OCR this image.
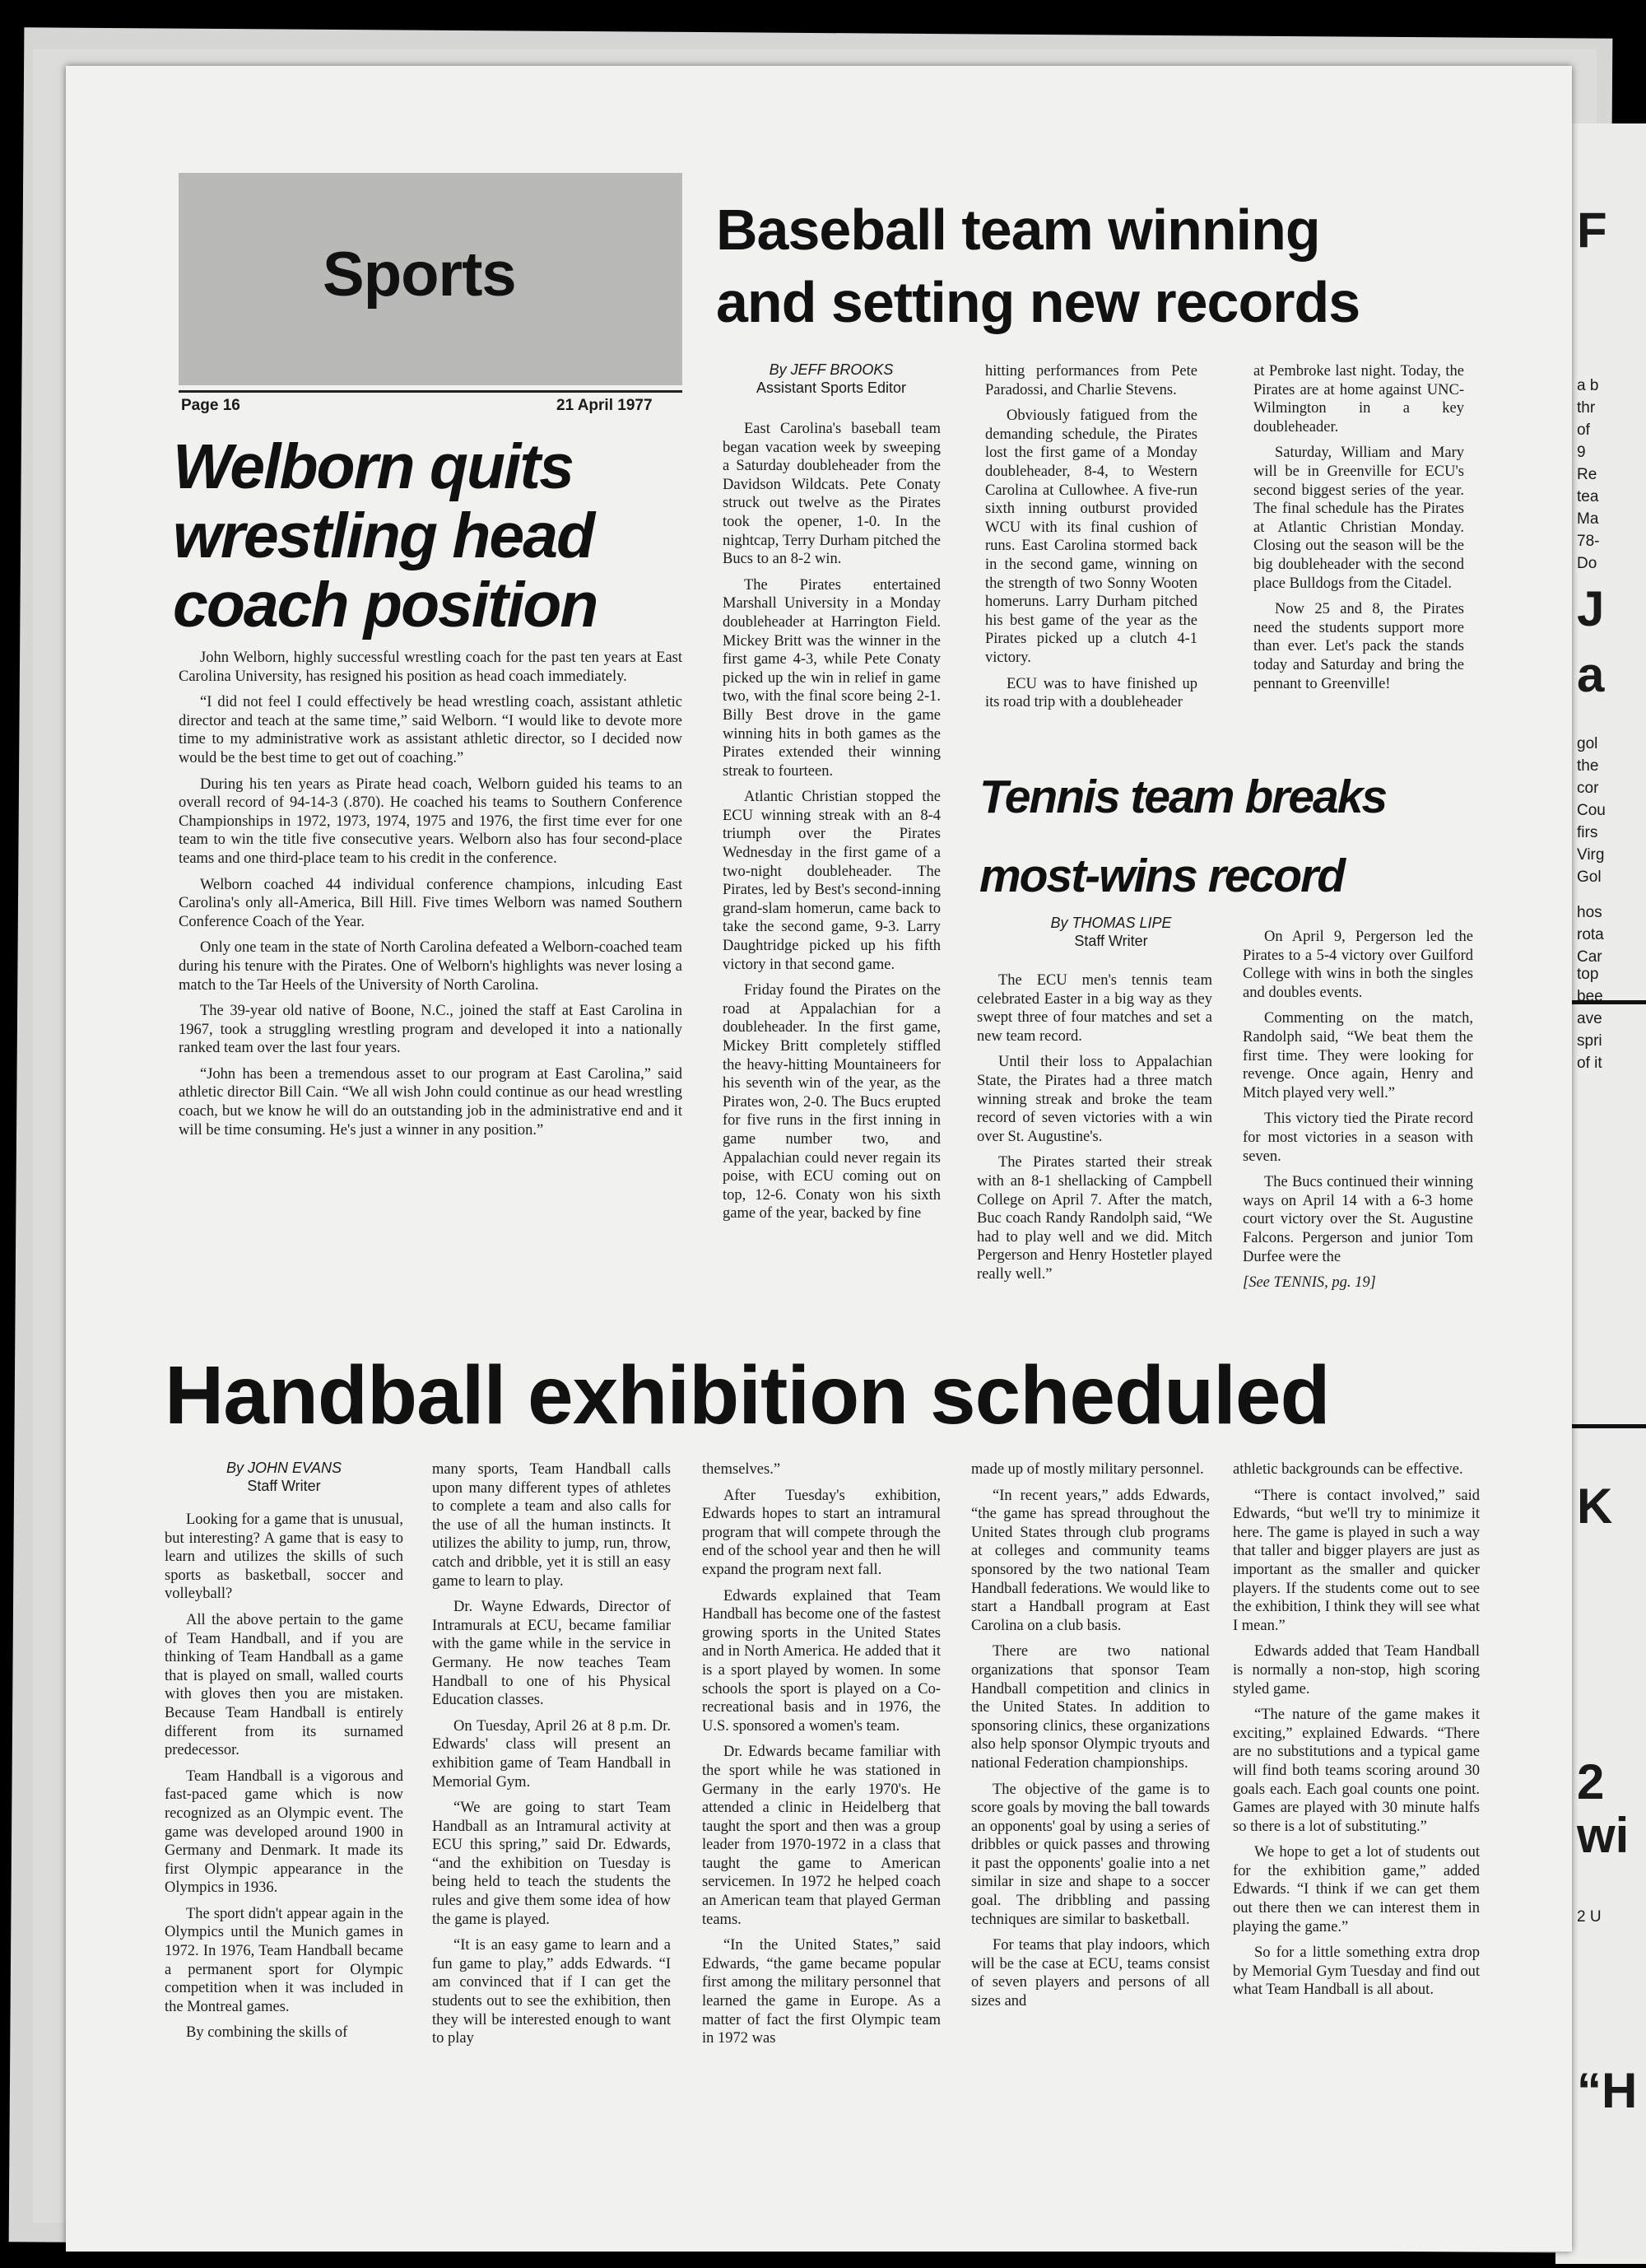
F
a b
thr
of
9
Re
tea
Ma
78-
Do
J
a
gol
the
cor
Cou
firs
Virg
Gol
hos
rota
Car
top
bee
ave
spri
of it
K
2
wi
2 U
“H
Sports
Page 16	21 April 1977
Welborn quits
wrestling head
coach position

John Welborn, highly successful wrestling coach for the past ten years at East Carolina University, has resigned his position as head coach immediately.

“I did not feel I could effectively be head wrestling coach, assistant athletic director and teach at the same time,” said Welborn. “I would like to devote more time to my administrative work as assistant athletic director, so I decided now would be the best time to get out of coaching.”

During his ten years as Pirate head coach, Welborn guided his teams to an overall record of 94-14-3 (.870). He coached his teams to Southern Conference Championships in 1972, 1973, 1974, 1975 and 1976, the first time ever for one team to win the title five consecutive years. Welborn also has four second-place teams and one third-place team to his credit in the conference.

Welborn coached 44 individual conference champions, inlcuding East Carolina's only all-America, Bill Hill. Five times Welborn was named Southern Conference Coach of the Year.

Only one team in the state of North Carolina defeated a Welborn-coached team during his tenure with the Pirates. One of Welborn's highlights was never losing a match to the Tar Heels of the University of North Carolina.

The 39-year old native of Boone, N.C., joined the staff at East Carolina in 1967, took a struggling wrestling program and developed it into a nationally ranked team over the last four years.

“John has been a tremendous asset to our program at East Carolina,” said athletic director Bill Cain. “We all wish John could continue as our head wrestling coach, but we know he will do an outstanding job in the administrative end and it will be time consuming. He's just a winner in any position.”

Baseball team winning
and setting new records
By JEFF BROOKS
Assistant Sports Editor

East Carolina's baseball team began vacation week by sweeping a Saturday doubleheader from the Davidson Wildcats. Pete Conaty struck out twelve as the Pirates took the opener, 1-0. In the nightcap, Terry Durham pitched the Bucs to an 8-2 win.

The Pirates entertained Marshall University in a Monday doubleheader at Harrington Field. Mickey Britt was the winner in the first game 4-3, while Pete Conaty picked up the win in relief in game two, with the final score being 2-1. Billy Best drove in the game winning hits in both games as the Pirates extended their winning streak to fourteen.

Atlantic Christian stopped the ECU winning streak with an 8-4 triumph over the Pirates Wednesday in the first game of a two-night doubleheader. The Pirates, led by Best's second-inning grand-slam homerun, came back to take the second game, 9-3. Larry Daughtridge picked up his fifth victory in that second game.

Friday found the Pirates on the road at Appalachian for a doubleheader. In the first game, Mickey Britt completely stiffled the heavy-hitting Mountaineers for his seventh win of the year, as the Pirates won, 2-0. The Bucs erupted for five runs in the first inning in game number two, and Appalachian could never regain its poise, with ECU coming out on top, 12-6. Conaty won his sixth game of the year, backed by fine

hitting performances from Pete Paradossi, and Charlie Stevens.

Obviously fatigued from the demanding schedule, the Pirates lost the first game of a Monday doubleheader, 8-4, to Western Carolina at Cullowhee. A five-run sixth inning outburst provided WCU with its final cushion of runs. East Carolina stormed back in the second game, winning on the strength of two Sonny Wooten homeruns. Larry Durham pitched his best game of the year as the Pirates picked up a clutch 4-1 victory.

ECU was to have finished up its road trip with a doubleheader

at Pembroke last night. Today, the Pirates are at home against UNC-Wilmington in a key doubleheader.

Saturday, William and Mary will be in Greenville for ECU's second biggest series of the year. The final schedule has the Pirates at Atlantic Christian Monday. Closing out the season will be the big doubleheader with the second place Bulldogs from the Citadel.

Now 25 and 8, the Pirates need the students support more than ever. Let's pack the stands today and Saturday and bring the pennant to Greenville!

Tennis team breaks
most-wins record
By THOMAS LIPE
Staff Writer

The ECU men's tennis team celebrated Easter in a big way as they swept three of four matches and set a new team record.

Until their loss to Appalachian State, the Pirates had a three match winning streak and broke the team record of seven victories with a win over St. Augustine's.

The Pirates started their streak with an 8-1 shellacking of Campbell College on April 7. After the match, Buc coach Randy Randolph said, “We had to play well and we did. Mitch Pergerson and Henry Hostetler played really well.”

On April 9, Pergerson led the Pirates to a 5-4 victory over Guilford College with wins in both the singles and doubles events.

Commenting on the match, Randolph said, “We beat them the first time. They were looking for revenge. Once again, Henry and Mitch played very well.”

This victory tied the Pirate record for most victories in a season with seven.

The Bucs continued their winning ways on April 14 with a 6-3 home court victory over the St. Augustine Falcons. Pergerson and junior Tom Durfee were the

[See TENNIS, pg. 19]

Handball exhibition scheduled
By JOHN EVANS
Staff Writer

Looking for a game that is unusual, but interesting? A game that is easy to learn and utilizes the skills of such sports as basketball, soccer and volleyball?

All the above pertain to the game of Team Handball, and if you are thinking of Team Handball as a game that is played on small, walled courts with gloves then you are mistaken. Because Team Handball is entirely different from its surnamed predecessor.

Team Handball is a vigorous and fast-paced game which is now recognized as an Olympic event. The game was developed around 1900 in Germany and Denmark. It made its first Olympic appearance in the Olympics in 1936.

The sport didn't appear again in the Olympics until the Munich games in 1972. In 1976, Team Handball became a permanent sport for Olympic competition when it was included in the Montreal games.

By combining the skills of

many sports, Team Handball calls upon many different types of athletes to complete a team and also calls for the use of all the human instincts. It utilizes the ability to jump, run, throw, catch and dribble, yet it is still an easy game to learn to play.

Dr. Wayne Edwards, Director of Intramurals at ECU, became familiar with the game while in the service in Germany. He now teaches Team Handball to one of his Physical Education classes.

On Tuesday, April 26 at 8 p.m. Dr. Edwards' class will present an exhibition game of Team Handball in Memorial Gym.

“We are going to start Team Handball as an Intramural activity at ECU this spring,” said Dr. Edwards, “and the exhibition on Tuesday is being held to teach the students the rules and give them some idea of how the game is played.

“It is an easy game to learn and a fun game to play,” adds Edwards. “I am convinced that if I can get the students out to see the exhibition, then they will be interested enough to want to play

themselves.”

After Tuesday's exhibition, Edwards hopes to start an intramural program that will compete through the end of the school year and then he will expand the program next fall.

Edwards explained that Team Handball has become one of the fastest growing sports in the United States and in North America. He added that it is a sport played by women. In some schools the sport is played on a Co-recreational basis and in 1976, the U.S. sponsored a women's team.

Dr. Edwards became familiar with the sport while he was stationed in Germany in the early 1970's. He attended a clinic in Heidelberg that taught the sport and then was a group leader from 1970-1972 in a class that taught the game to American servicemen. In 1972 he helped coach an American team that played German teams.

“In the United States,” said Edwards, “the game became popular first among the military personnel that learned the game in Europe. As a matter of fact the first Olympic team in 1972 was

made up of mostly military personnel.

“In recent years,” adds Edwards, “the game has spread throughout the United States through club programs at colleges and community teams sponsored by the two national Team Handball federations. We would like to start a Handball program at East Carolina on a club basis.

There are two national organizations that sponsor Team Handball competition and clinics in the United States. In addition to sponsoring clinics, these organizations also help sponsor Olympic tryouts and national Federation championships.

The objective of the game is to score goals by moving the ball towards an opponents' goal by using a series of dribbles or quick passes and throwing it past the opponents' goalie into a net similar in size and shape to a soccer goal. The dribbling and passing techniques are similar to basketball.

For teams that play indoors, which will be the case at ECU, teams consist of seven players and persons of all sizes and

athletic backgrounds can be effective.

“There is contact involved,” said Edwards, “but we'll try to minimize it here. The game is played in such a way that taller and bigger players are just as important as the smaller and quicker players. If the students come out to see the exhibition, I think they will see what I mean.”

Edwards added that Team Handball is normally a non-stop, high scoring styled game.

“The nature of the game makes it exciting,” explained Edwards. “There are no substitutions and a typical game will find both teams scoring around 30 goals each. Each goal counts one point. Games are played with 30 minute halfs so there is a lot of substituting.”

We hope to get a lot of students out for the exhibition game,” added Edwards. “I think if we can get them out there then we can interest them in playing the game.”

So for a little something extra drop by Memorial Gym Tuesday and find out what Team Handball is all about.
